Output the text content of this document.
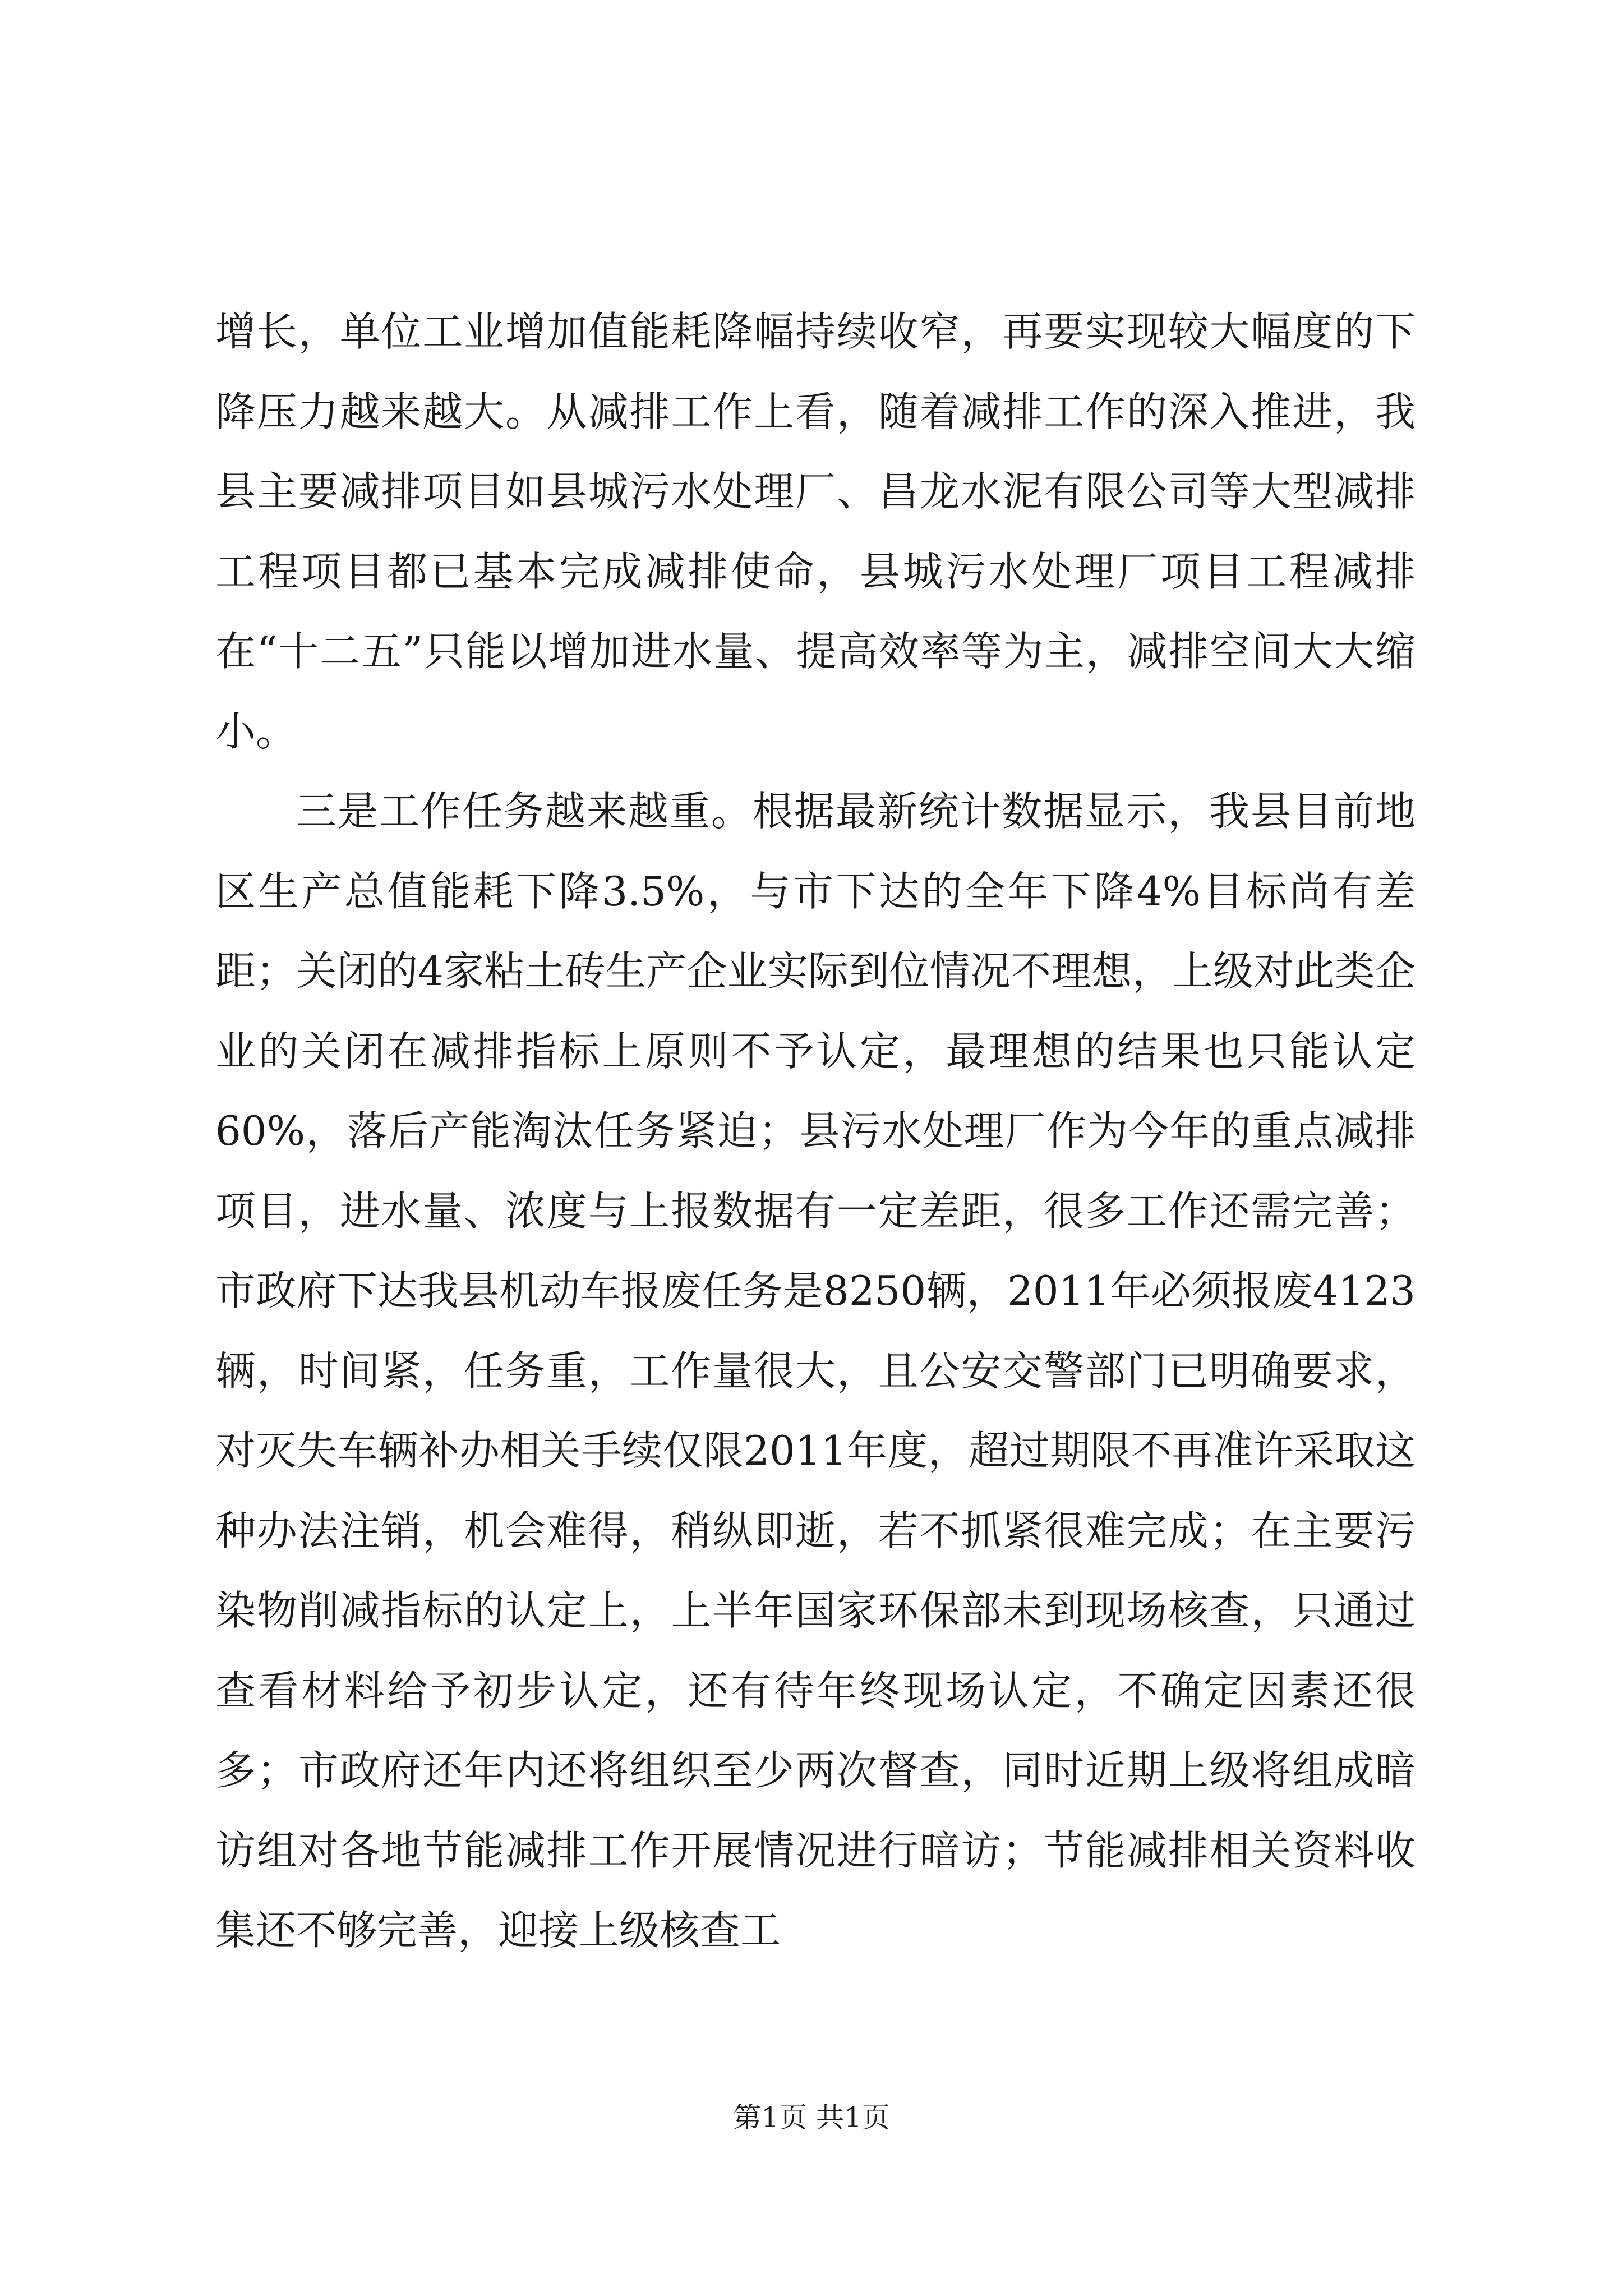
增长，单位工业增加值能耗降幅持续收窄，再要实现较大幅度的下降压力越来越大。从减排工作上看，随着减排工作的深入推进，我县主要减排项目如县城污水处理厂、昌龙水泥有限公司等大型减排工程项目都已基本完成减排使命，县城污水处理厂项目工程减排在“十二五”只能以增加进水量、提高效率等为主，减排空间大大缩小。

三是工作任务越来越重。根据最新统计数据显示，我县目前地区生产总值能耗下降3.5%，与市下达的全年下降4%目标尚有差距；关闭的4家粘土砖生产企业实际到位情况不理想，上级对此类企业的关闭在减排指标上原则不予认定，最理想的结果也只能认定60%，落后产能淘汰任务紧迫；县污水处理厂作为今年的重点减排项目，进水量、浓度与上报数据有一定差距，很多工作还需完善；市政府下达我县机动车报废任务是8250辆，2011年必须报废4123辆，时间紧，任务重，工作量很大，且公安交警部门已明确要求，对灭失车辆补办相关手续仅限2011年度，超过期限不再准许采取这种办法注销，机会难得，稍纵即逝，若不抓紧很难完成；在主要污染物削减指标的认定上，上半年国家环保部未到现场核查，只通过查看材料给予初步认定，还有待年终现场认定，不确定因素还很多；市政府还年内还将组织至少两次督查，同时近期上级将组成暗访组对各地节能减排工作开展情况进行暗访；节能减排相关资料收集还不够完善，迎接上级核查工

第1页 共1页
